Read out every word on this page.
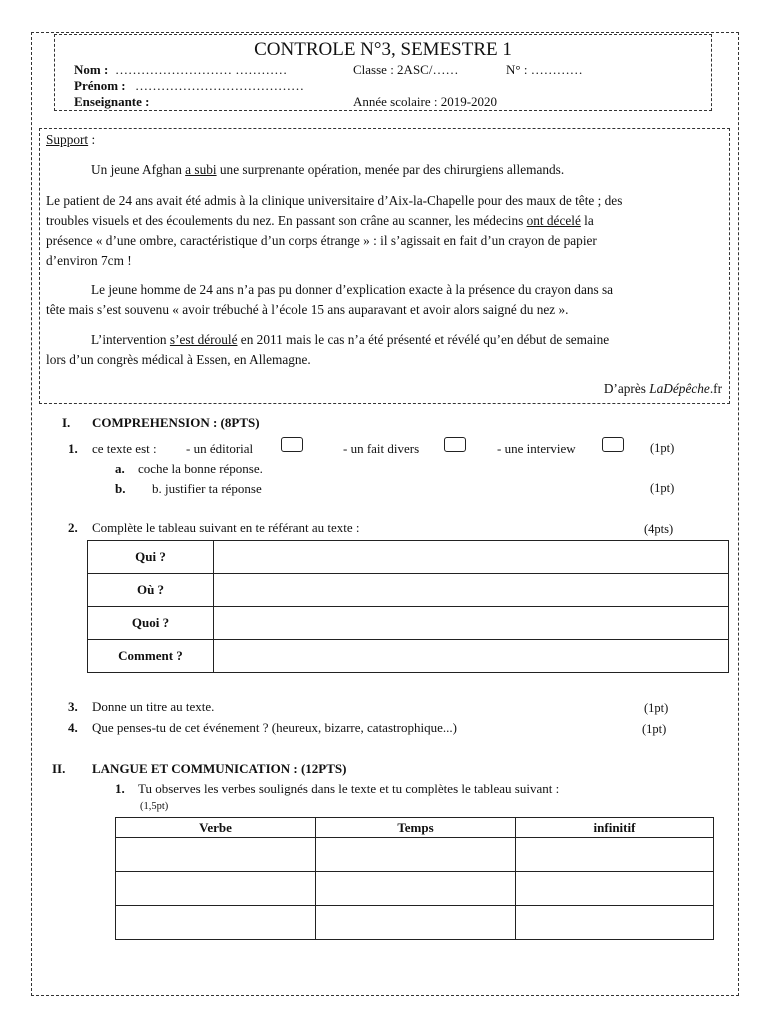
CONTROLE N°3, SEMESTRE 1
Nom : ……………………… …………	Classe : 2ASC/……	N° : …………
Prénom : …………………………………
Enseignante :	Année scolaire : 2019-2020
Support :
Un jeune Afghan a subi une surprenante opération, menée par des chirurgiens allemands.
Le patient de 24 ans avait été admis à la clinique universitaire d’Aix-la-Chapelle pour des maux de tête ; des
troubles visuels et des écoulements du nez. En passant son crâne au scanner, les médecins ont décelé la
présence « d’une ombre, caractéristique d’un corps étrange » : il s’agissait en fait d’un crayon de papier
d’environ 7cm !
Le jeune homme de 24 ans n’a pas pu donner d’explication exacte à la présence du crayon dans sa
tête mais s’est souvenu « avoir trébuché à l’école 15 ans auparavant et avoir alors saigné du nez ».
L’intervention s’est déroulé en 2011 mais le cas n’a été présenté et révélé qu’en début de semaine
lors d’un congrès médical à Essen, en Allemagne.
D’après LaDépêche.fr
I. COMPREHENSION : (8PTS)
1. ce texte est : - un éditorial	- un fait divers	- une interview	(1pt)
a. coche la bonne réponse.
b. b. justifier ta réponse	(1pt)
2. Complète le tableau suivant en te référant au texte :	(4pts)
Qui ?	
Où ?	
Quoi ?	
Comment ?	
3. Donne un titre au texte.	(1pt)
4. Que penses-tu de cet événement ? (heureux, bizarre, catastrophique...)	(1pt)
II. LANGUE ET COMMUNICATION : (12PTS)
1. Tu observes les verbes soulignés dans le texte et tu complètes le tableau suivant :
(1,5pt)
Verbe	Temps	infinitif
